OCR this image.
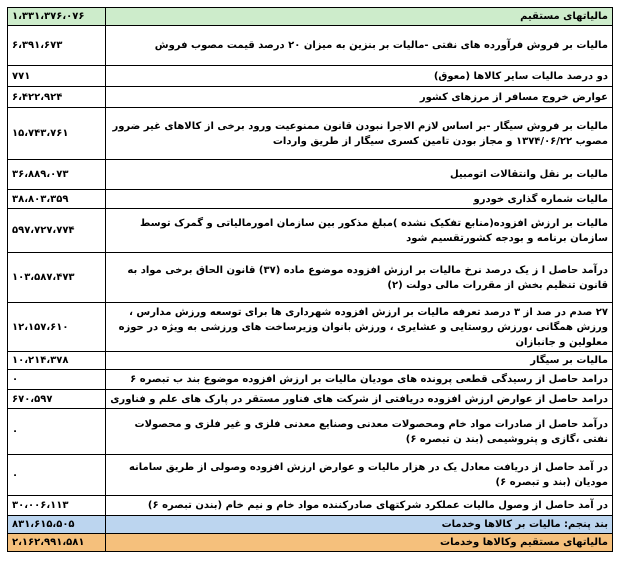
۱،۳۳۱،۳۷۶،۰۷۶	مالیاتهای مستقیم
۶،۳۹۱،۶۷۳	مالیات بر فروش فرآورده های نفتی -مالیات بر بنزین به میزان ۲۰ درصد قیمت مصوب فروش
۷۷۱	دو درصد مالیات سایر کالاها (معوق)
۶،۴۲۲،۹۲۴	عوارض خروج مسافر از مرزهای کشور
۱۵،۷۴۳،۷۶۱	مالیات بر فروش سیگار -بر اساس لازم الاجرا نبودن قانون ممنوعیت ورود برخی از کالاهای غیر ضرور مصوب ۱۳۷۴/۰۶/۲۲ و مجاز بودن تامین کسری سیگار از طریق واردات
۳۶،۸۸۹،۰۷۳	مالیات بر نقل وانتقالات اتومبیل
۳۸،۸۰۳،۳۵۹	مالیات شماره گذاری خودرو
۵۹۷،۷۲۷،۷۷۴	مالیات بر ارزش افزوده(منابع تفکیک نشده )مبلغ مذکور بین سازمان امورمالیاتی و گمرک توسط سازمان برنامه و بودجه کشورتقسیم شود
۱۰۳،۵۸۷،۴۷۳	درآمد حاصل ا ز یک درصد نرخ مالیات بر ارزش افزوده موضوع ماده (۳۷) قانون الحاق برخی مواد به قانون تنظیم بخش از مقررات مالی دولت (۲)
۱۲،۱۵۷،۶۱۰	۲۷ صدم در صد از ۳ درصد تعرفه مالیات بر ارزش افزوده شهرداری ها برای توسعه ورزش مدارس ، ورزش همگانی ،ورزش روستایی و عشایری ، ورزش بانوان وزیرساخت های ورزشی به ویژه در حوزه معلولین و جانبازان
۱۰،۲۱۴،۳۷۸	مالیات بر سیگار
۰	درامد حاصل از رسیدگی قطعی پرونده های مودیان مالیات بر ارزش افزوده موضوع بند ب تبصره ۶
۶۷۰،۵۹۷	درامد حاصل از عوارض ارزش افزوده دریافتی از شرکت های فناور مستقر در پارک های علم و فناوری
۰	درآمد حاصل از صادرات مواد خام ومحصولات معدنی وصنایع معدنی فلزی و غیر فلزی و محصولات نفتی ،گازی و پتروشیمی (بند ن تبصره ۶)
۰	در آمد حاصل از دریافت معادل یک در هزار مالیات و عوارض ارزش افزوده وصولی از طریق سامانه مودیان (بند و تبصره ۶)
۳۰،۰۰۶،۱۱۳	در آمد حاصل از وصول مالیات عملکرد شرکتهای صادرکننده مواد خام و نیم خام (بندن تبصره ۶)
۸۳۱،۶۱۵،۵۰۵	بند پنجم: مالیات بر کالاها وخدمات
۲،۱۶۲،۹۹۱،۵۸۱	مالیاتهای مستقیم وکالاها وخدمات
